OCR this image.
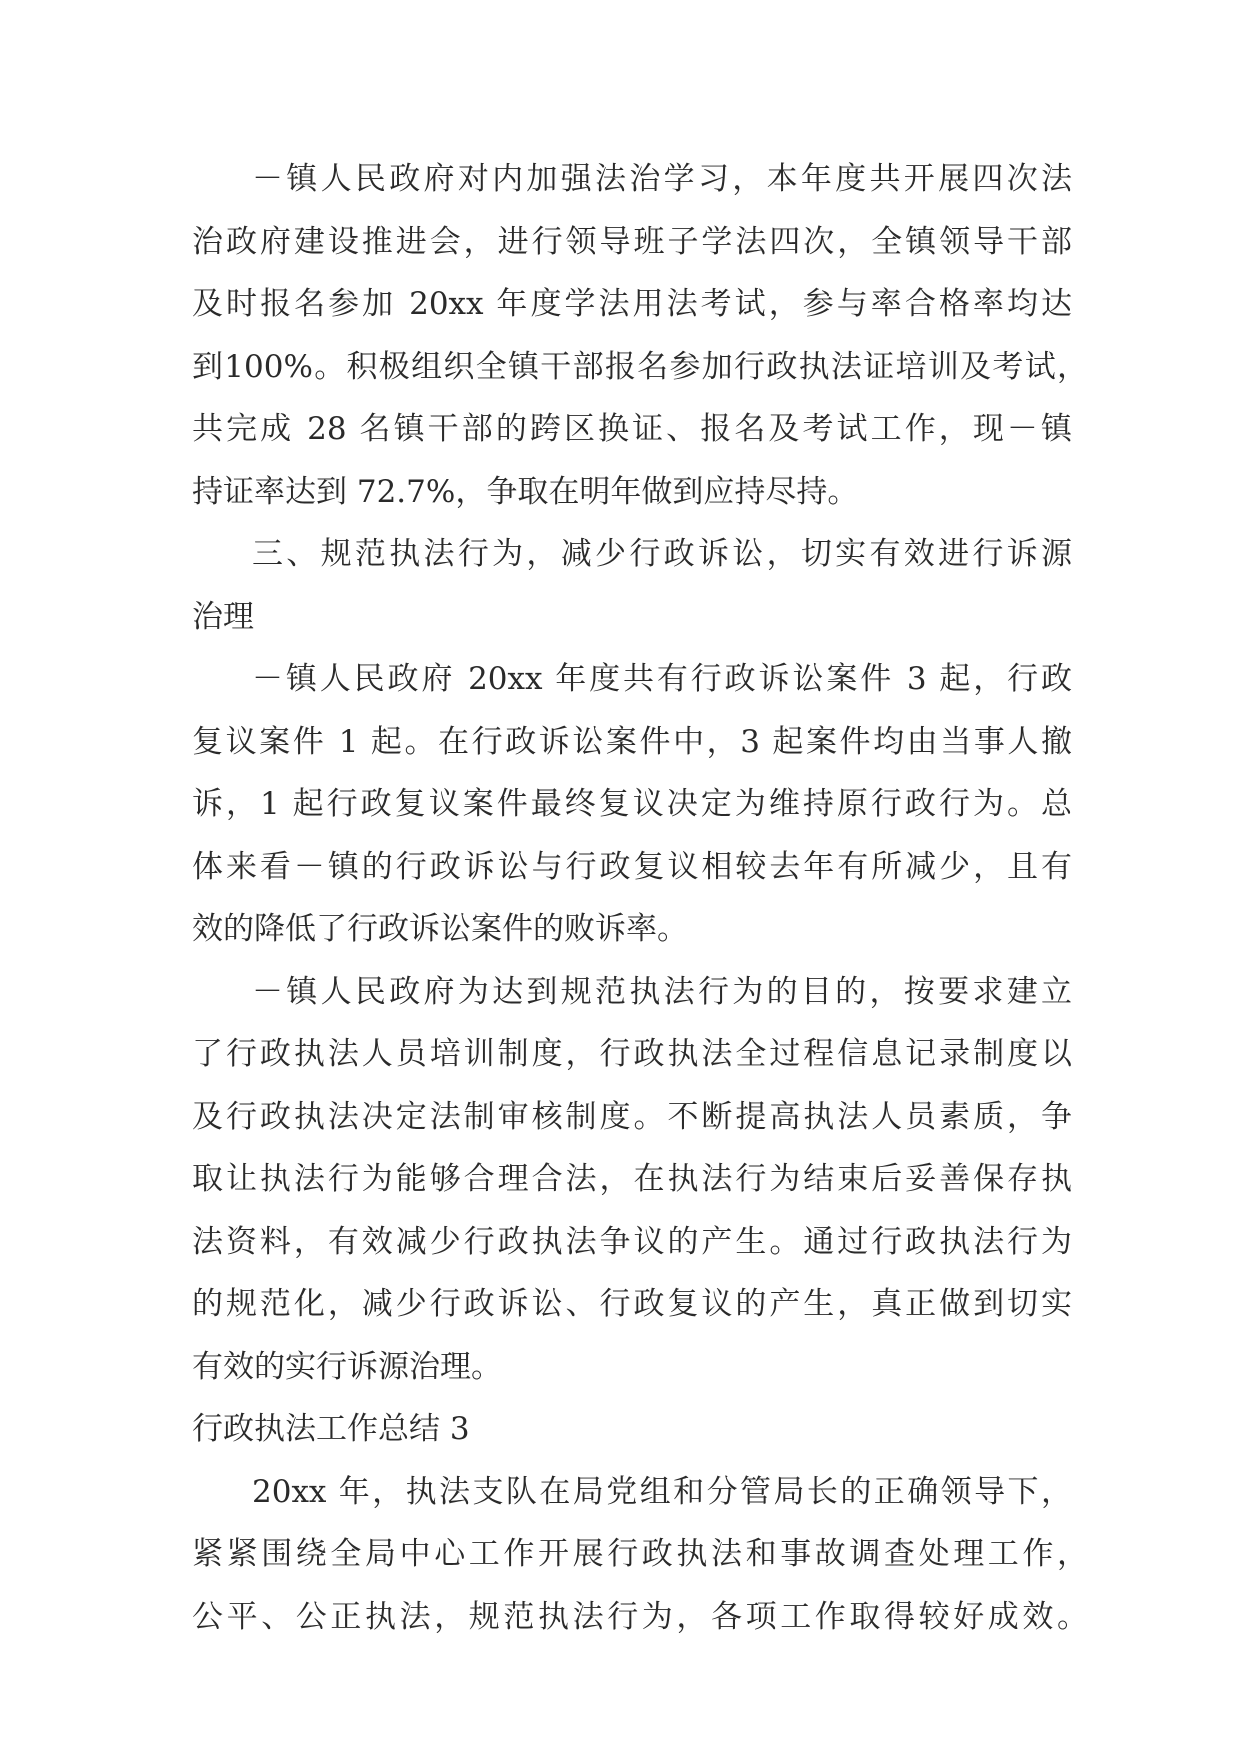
－镇人民政府对内加强法治学习，本年度共开展四次法
治政府建设推进会，进行领导班子学法四次，全镇领导干部
及时报名参加 20xx 年度学法用法考试，参与率合格率均达
到100%。积极组织全镇干部报名参加行政执法证培训及考试，
共完成 28 名镇干部的跨区换证、报名及考试工作，现－镇
持证率达到 72.7%，争取在明年做到应持尽持。
三、规范执法行为，减少行政诉讼，切实有效进行诉源
治理
－镇人民政府 20xx 年度共有行政诉讼案件 3 起，行政
复议案件 1 起。在行政诉讼案件中，3 起案件均由当事人撤
诉，1 起行政复议案件最终复议决定为维持原行政行为。总
体来看－镇的行政诉讼与行政复议相较去年有所减少，且有
效的降低了行政诉讼案件的败诉率。
－镇人民政府为达到规范执法行为的目的，按要求建立
了行政执法人员培训制度，行政执法全过程信息记录制度以
及行政执法决定法制审核制度。不断提高执法人员素质，争
取让执法行为能够合理合法，在执法行为结束后妥善保存执
法资料，有效减少行政执法争议的产生。通过行政执法行为
的规范化，减少行政诉讼、行政复议的产生，真正做到切实
有效的实行诉源治理。
行政执法工作总结 3
20xx 年，执法支队在局党组和分管局长的正确领导下，
紧紧围绕全局中心工作开展行政执法和事故调查处理工作，
公平、公正执法，规范执法行为，各项工作取得较好成效。
